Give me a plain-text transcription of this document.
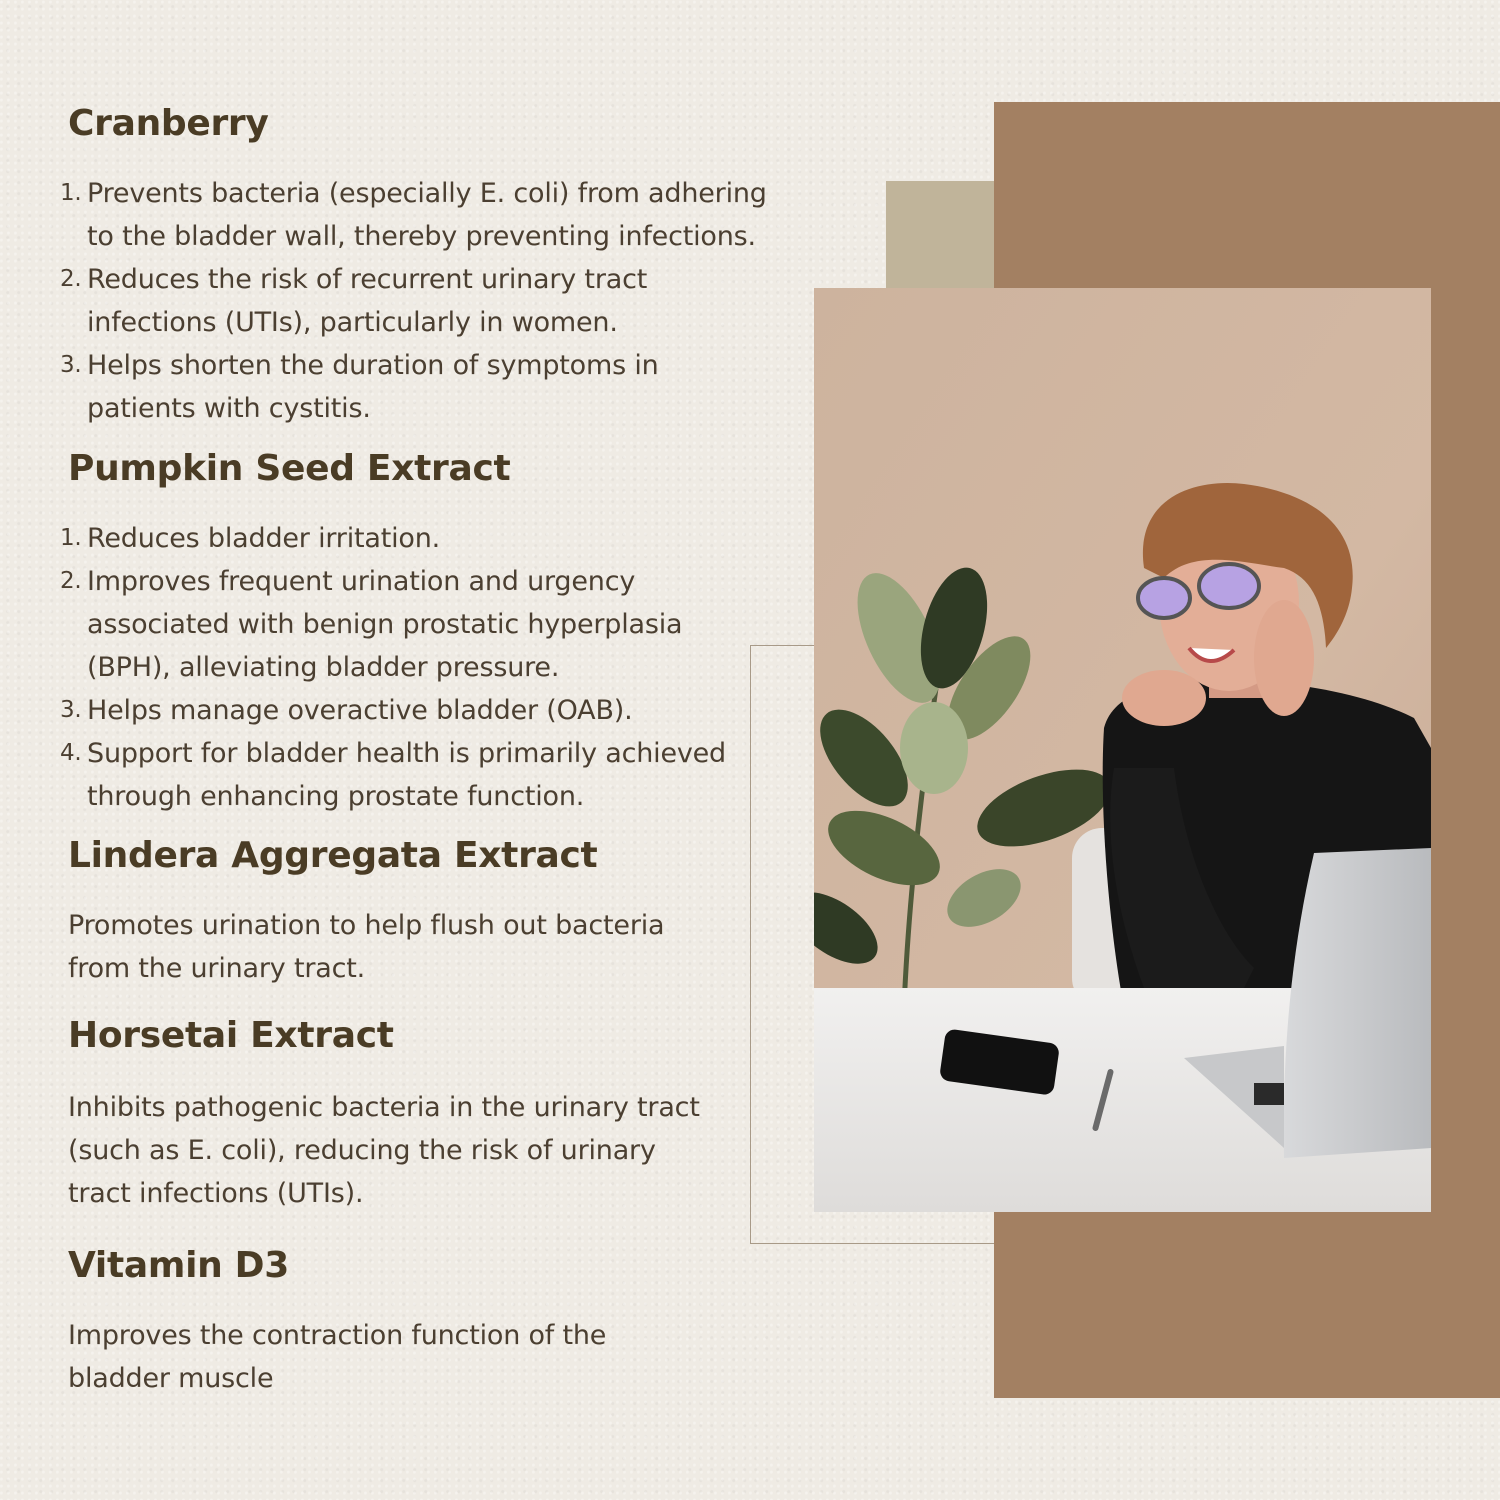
Cranberry
1. Prevents bacteria (especially E. coli) from adhering
to the bladder wall, thereby preventing infections.
2. Reduces the risk of recurrent urinary tract
infections (UTIs), particularly in women.
3. Helps shorten the duration of symptoms in
patients with cystitis.
Pumpkin Seed Extract
1. Reduces bladder irritation.
2. Improves frequent urination and urgency
associated with benign prostatic hyperplasia
(BPH), alleviating bladder pressure.
3. Helps manage overactive bladder (OAB).
4. Support for bladder health is primarily achieved
through enhancing prostate function.
Lindera Aggregata Extract

Promotes urination to help flush out bacteria
from the urinary tract.

Horsetai Extract

Inhibits pathogenic bacteria in the urinary tract
(such as E. coli), reducing the risk of urinary
tract infections (UTIs).

Vitamin D3

Improves the contraction function of the
bladder muscle
